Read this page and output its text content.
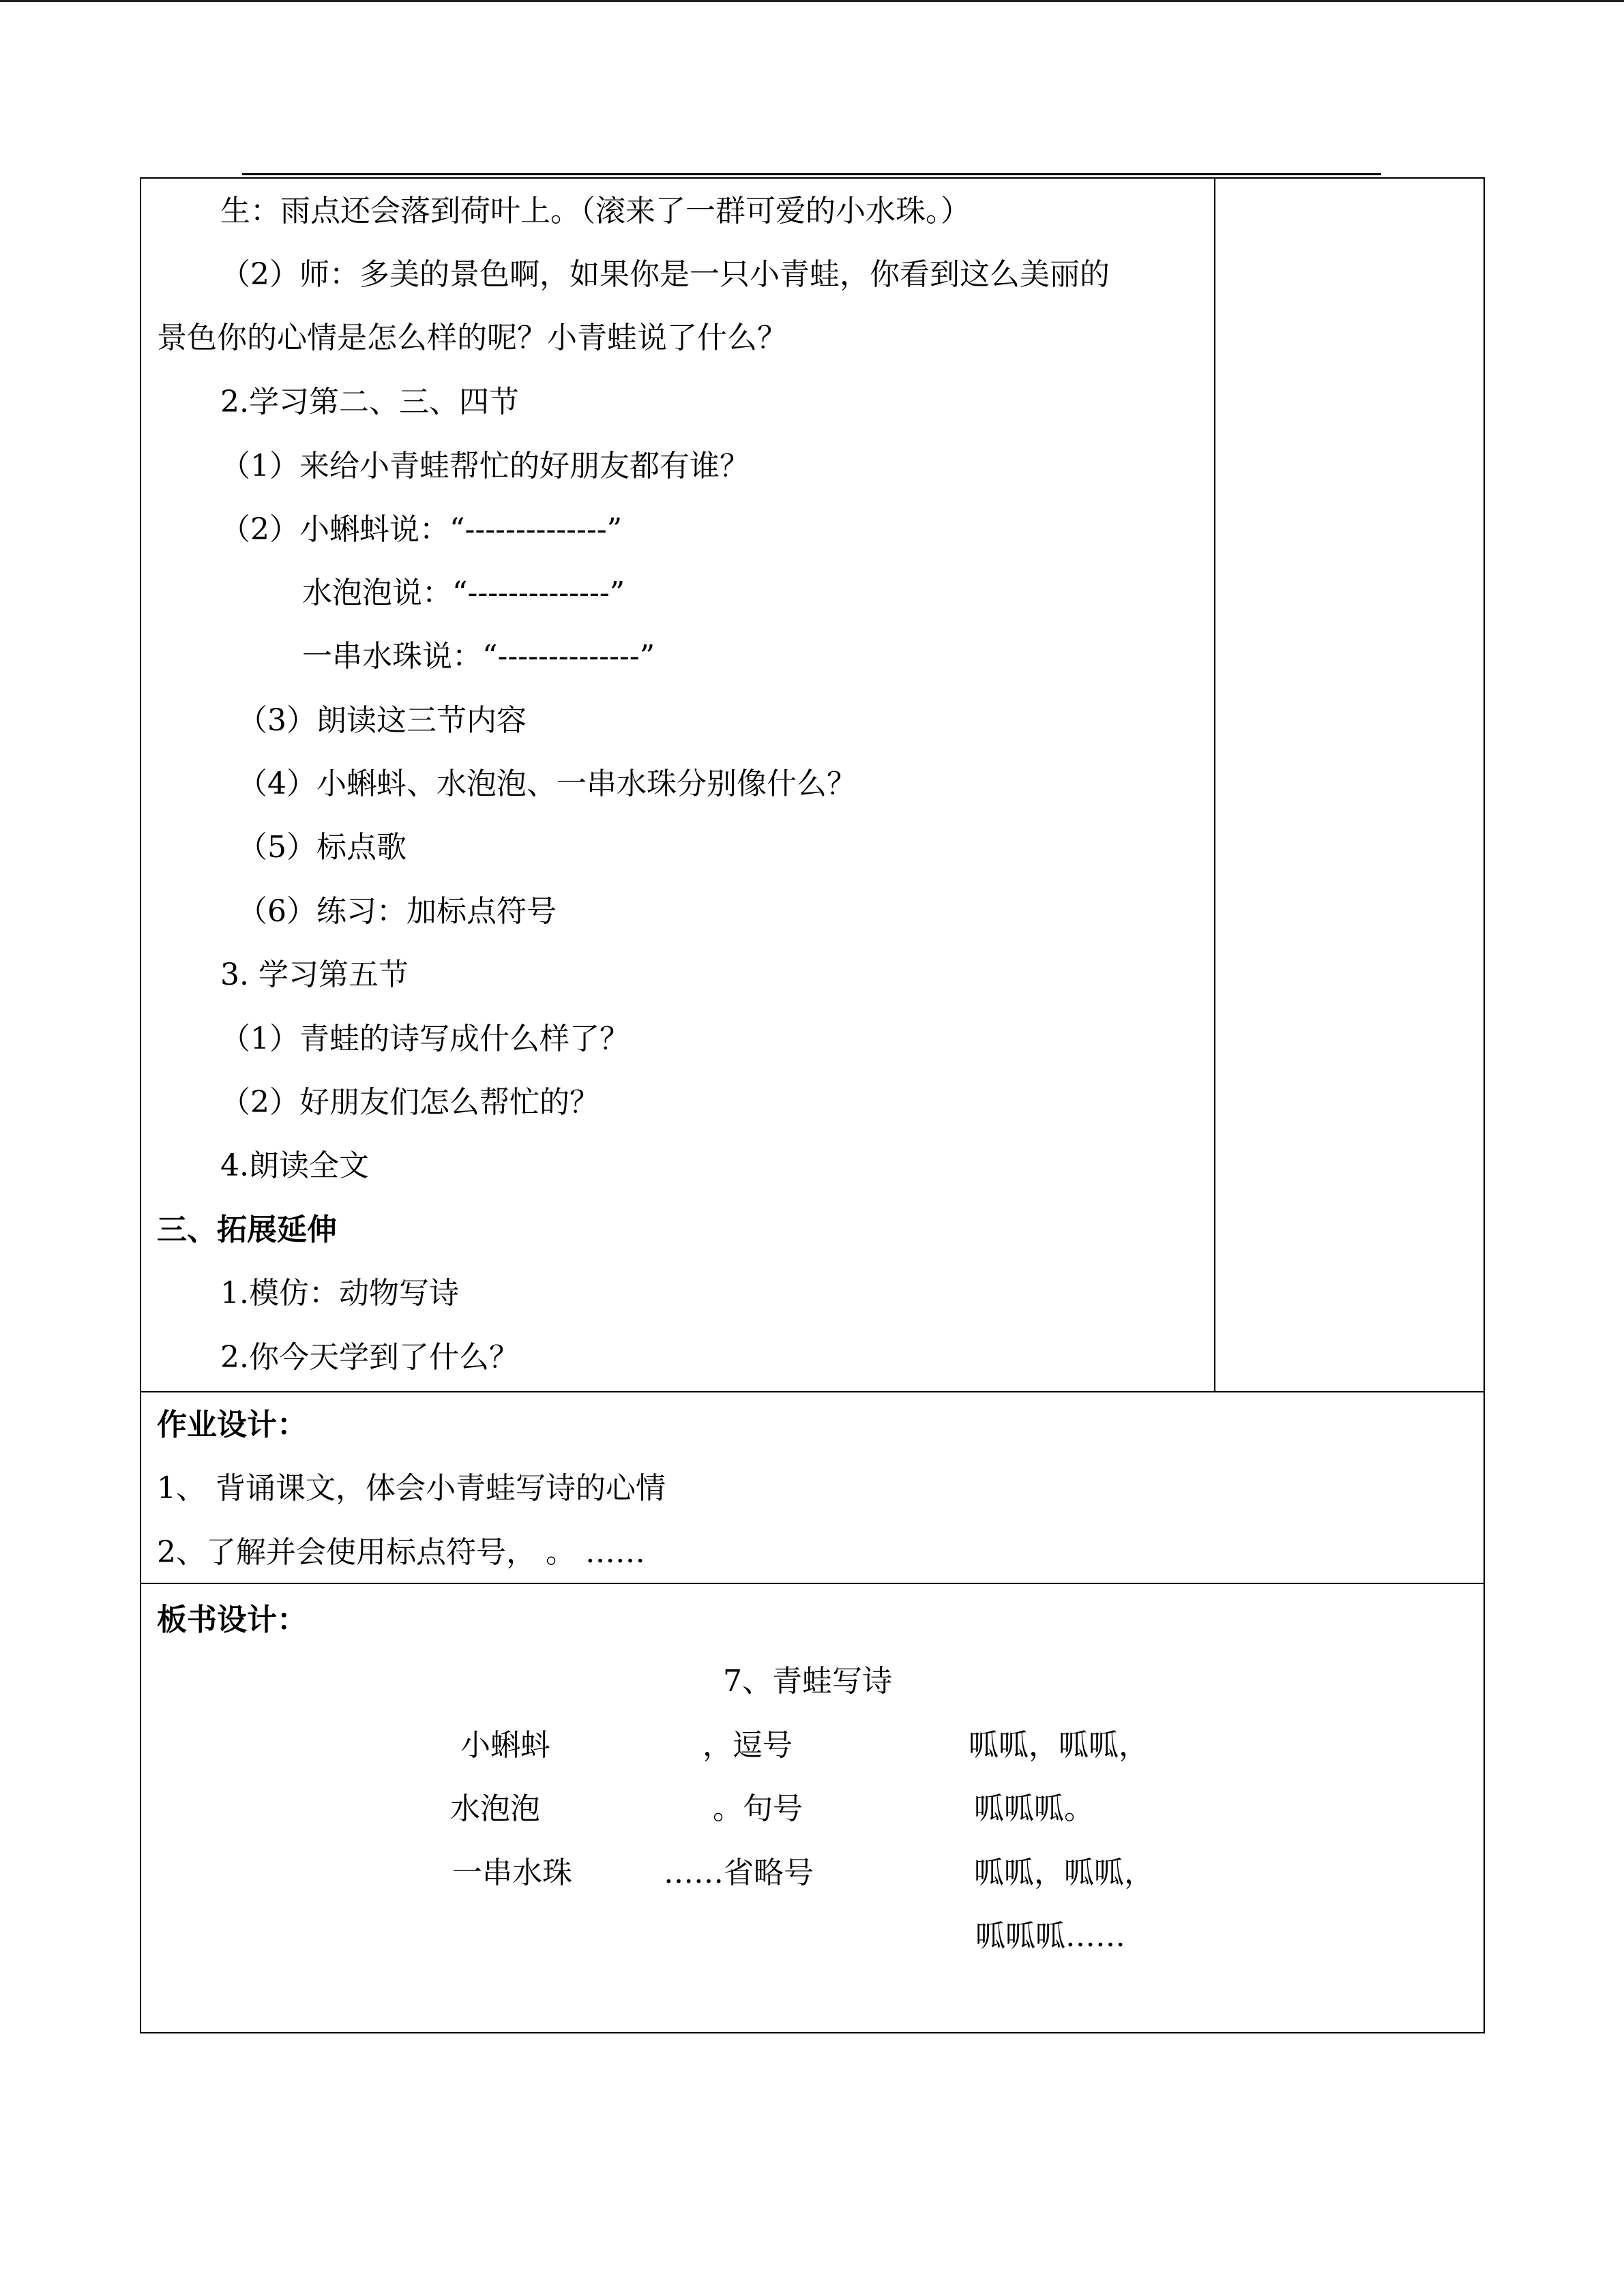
生：雨点还会落到荷叶上。（滚来了一群可爱的小水珠。）
（2）师：多美的景色啊，如果你是一只小青蛙，你看到这么美丽的
景色你的心情是怎么样的呢？小青蛙说了什么？
2.学习第二、三、四节
（1）来给小青蛙帮忙的好朋友都有谁？
（2）小蝌蚪说：“--------------”
水泡泡说：“--------------”
一串水珠说：“--------------”
（3）朗读这三节内容
（4）小蝌蚪、水泡泡、一串水珠分别像什么？
（5）标点歌
（6）练习：加标点符号
3. 学习第五节
（1）青蛙的诗写成什么样了？
（2）好朋友们怎么帮忙的？
4.朗读全文
三、拓展延伸
1.模仿：动物写诗
2.你今天学到了什么？
作业设计：
1、 背诵课文，体会小青蛙写诗的心情
2、了解并会使用标点符号， 。 ……
板书设计：
7、青蛙写诗
小蝌蚪	，逗号	呱呱，呱呱，
水泡泡	。句号	呱呱呱。
一串水珠	……省略号	呱呱，呱呱，
呱呱呱……
